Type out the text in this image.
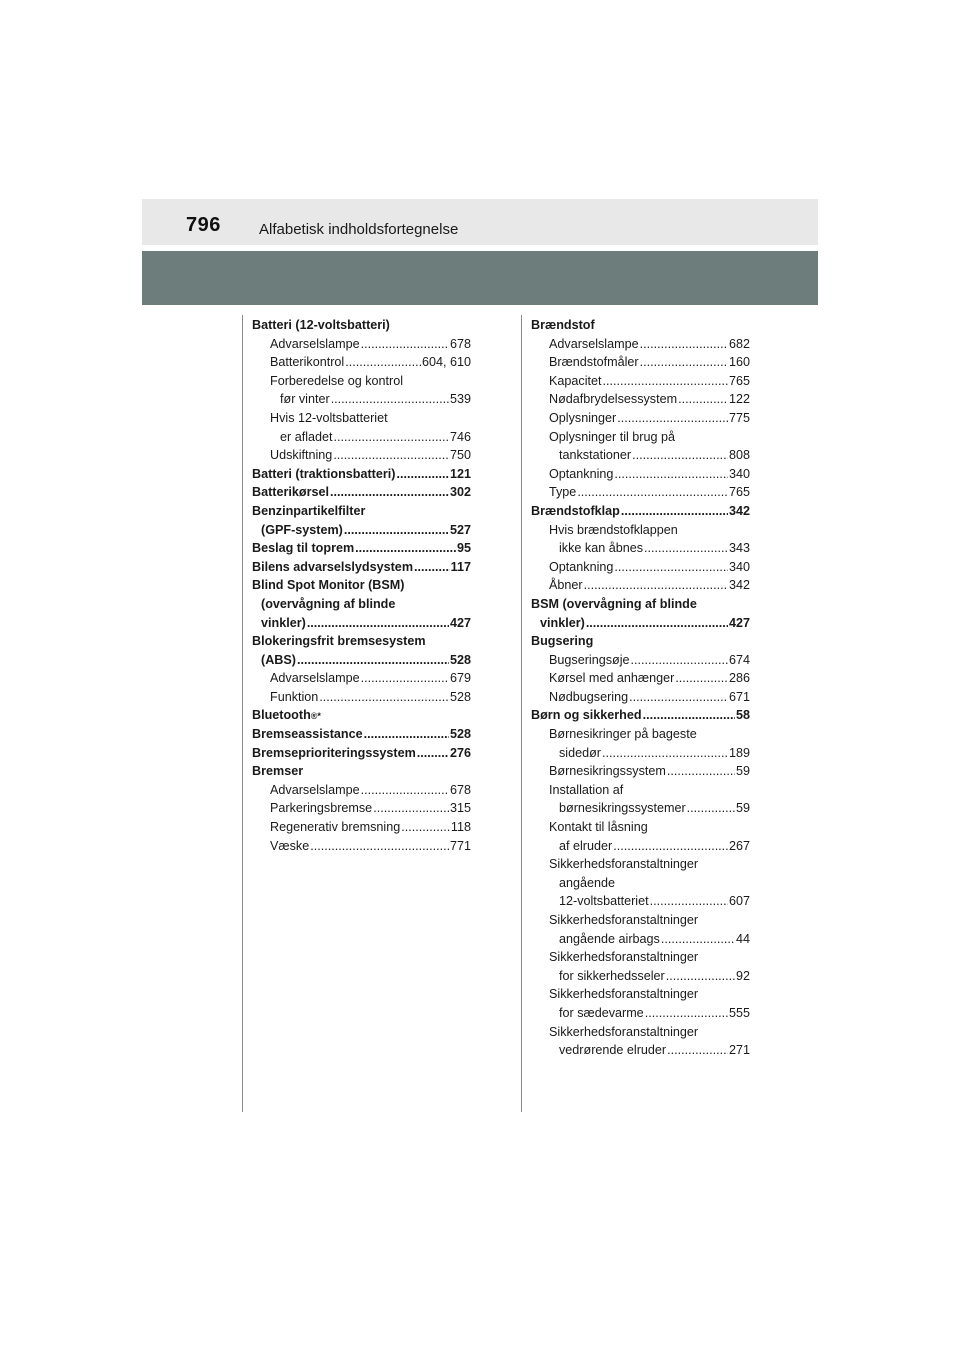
796	Alfabetisk indholdsfortegnelse
Batteri (12-voltsbatteri)
Advarselslampe .....	678
Batterikontrol .....	604, 610
Forberedelse og kontrol
før vinter .....	539
Hvis 12-voltsbatteriet
er afladet .....	746
Udskiftning .....	750
Batteri (traktionsbatteri) .....	121
Batterikørsel .....	302
Benzinpartikelfilter
(GPF-system) .....	527
Beslag til toprem .....	95
Bilens advarselslydsystem .....	117
Blind Spot Monitor (BSM)
(overvågning af blinde
vinkler) .....	427
Blokeringsfrit bremsesystem
(ABS) .....	528
Advarselslampe .....	679
Funktion .....	528
Bluetooth ®*
Bremseassistance .....	528
Bremseprioriteringssystem .....	276
Bremser
Advarselslampe .....	678
Parkeringsbremse .....	315
Regenerativ bremsning .....	118
Væske .....	771
Brændstof
Advarselslampe .....	682
Brændstofmåler .....	160
Kapacitet .....	765
Nødafbrydelsessystem .....	122
Oplysninger .....	775
Oplysninger til brug på
tankstationer .....	808
Optankning .....	340
Type .....	765
Brændstofklap .....	342
Hvis brændstofklappen
ikke kan åbnes .....	343
Optankning .....	340
Åbner .....	342
BSM (overvågning af blinde
vinkler) .....	427
Bugsering
Bugseringsøje .....	674
Kørsel med anhænger .....	286
Nødbugsering .....	671
Børn og sikkerhed .....	58
Børnesikringer på bageste
sidedør .....	189
Børnesikringssystem .....	59
Installation af
børnesikringssystemer .....	59
Kontakt til låsning
af elruder .....	267
Sikkerhedsforanstaltninger
angående
12-voltsbatteriet .....	607
Sikkerhedsforanstaltninger
angående airbags .....	44
Sikkerhedsforanstaltninger
for sikkerhedsseler .....	92
Sikkerhedsforanstaltninger
for sædevarme .....	555
Sikkerhedsforanstaltninger
vedrørende elruder .....	271
